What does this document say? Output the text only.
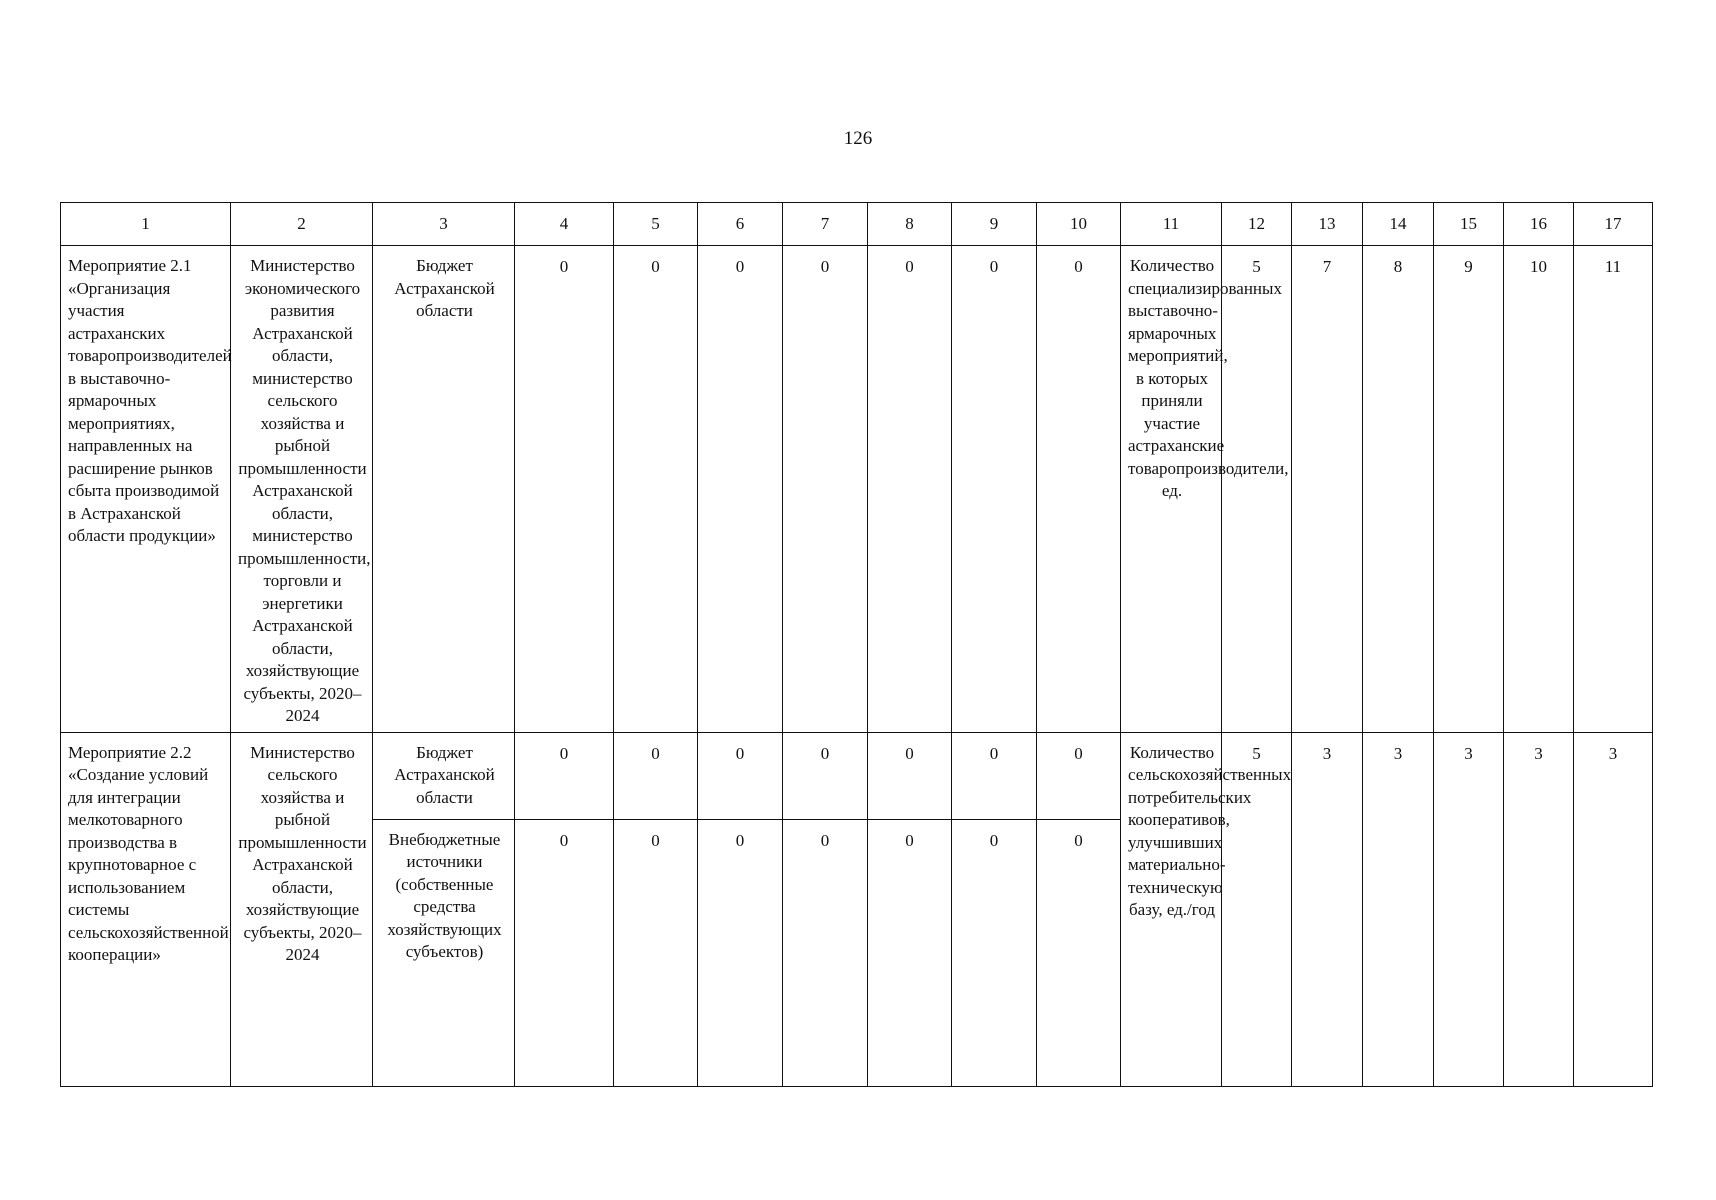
126
1	2	3	4	5	6	7	8	9	10	11	12	13	14	15	16	17

Мероприятие 2.1 «Организация участия астраханских товаропроизводителей в выставочно-ярмарочных мероприятиях, направленных на расширение рынков сбыта производимой в Астраханской области продукции»	Министерство экономического развития Астраханской области, министерство сельского хозяйства и рыбной промышленности Астраханской области, министерство промышленности, торговли и энергетики Астраханской области, хозяйствующие субъекты, 2020–2024	Бюджет Астраханской области	0	0	0	0	0	0	0	Количество специализированных выставочно-ярмарочных мероприятий, в которых приняли участие астраханские товаропроизводители, ед.	5	7	8	9	10	11

Мероприятие 2.2 «Создание условий для интеграции мелкотоварного производства в крупнотоварное с использованием системы сельскохозяйственной кооперации»	Министерство сельского хозяйства и рыбной промышленности Астраханской области, хозяйствующие субъекты, 2020–2024	Бюджет Астраханской области	0	0	0	0	0	0	0	Количество сельскохозяйственных потребительских кооперативов, улучшивших материально-техническую базу, ед./год	5	3	3	3	3	3

		Внебюджетные источники (собственные средства хозяйствующих субъектов)	0	0	0	0	0	0	0							
